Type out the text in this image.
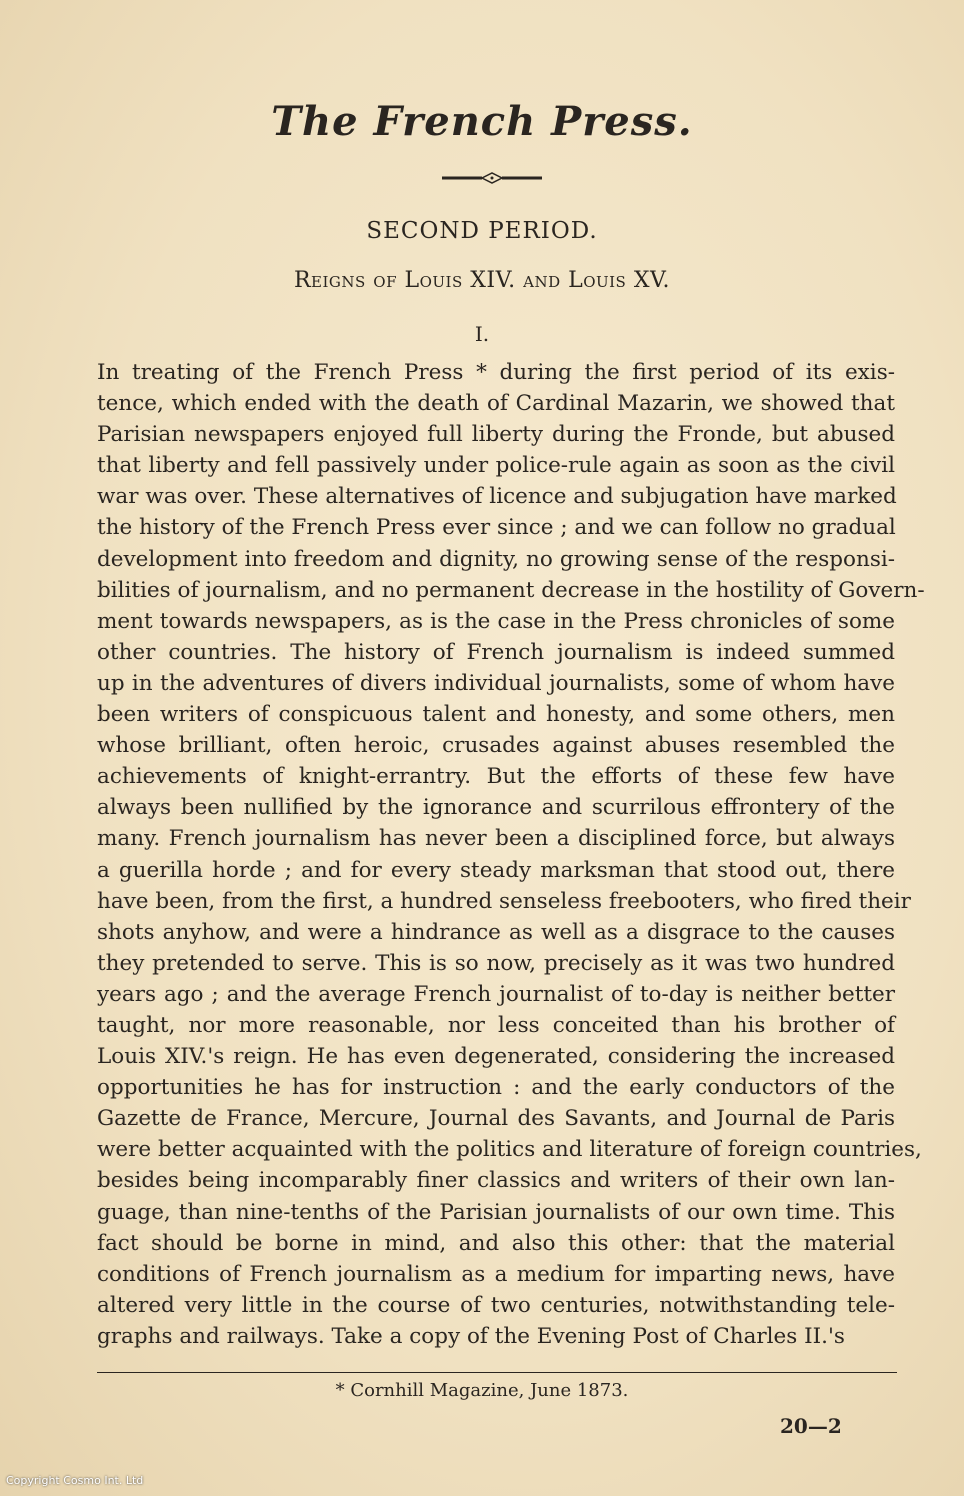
The French Press.
SECOND PERIOD.
Reigns of Louis XIV. and Louis XV.
I.
In treating of the French Press * during the first period of its exis-
tence, which ended with the death of Cardinal Mazarin, we showed that
Parisian newspapers enjoyed full liberty during the Fronde, but abused
that liberty and fell passively under police-rule again as soon as the civil
war was over. These alternatives of licence and subjugation have marked
the history of the French Press ever since ; and we can follow no gradual
development into freedom and dignity, no growing sense of the responsi-
bilities of journalism, and no permanent decrease in the hostility of Govern-
ment towards newspapers, as is the case in the Press chronicles of some
other countries. The history of French journalism is indeed summed
up in the adventures of divers individual journalists, some of whom have
been writers of conspicuous talent and honesty, and some others, men
whose brilliant, often heroic, crusades against abuses resembled the
achievements of knight-errantry. But the efforts of these few have
always been nullified by the ignorance and scurrilous effrontery of the
many. French journalism has never been a disciplined force, but always
a guerilla horde ; and for every steady marksman that stood out, there
have been, from the first, a hundred senseless freebooters, who fired their
shots anyhow, and were a hindrance as well as a disgrace to the causes
they pretended to serve. This is so now, precisely as it was two hundred
years ago ; and the average French journalist of to-day is neither better
taught, nor more reasonable, nor less conceited than his brother of
Louis XIV.'s reign. He has even degenerated, considering the increased
opportunities he has for instruction : and the early conductors of the
Gazette de France, Mercure, Journal des Savants, and Journal de Paris
were better acquainted with the politics and literature of foreign countries,
besides being incomparably finer classics and writers of their own lan-
guage, than nine-tenths of the Parisian journalists of our own time. This
fact should be borne in mind, and also this other: that the material
conditions of French journalism as a medium for imparting news, have
altered very little in the course of two centuries, notwithstanding tele-
graphs and railways. Take a copy of the Evening Post of Charles II.'s
* Cornhill Magazine, June 1873.
20—2
Copyright Cosmo Int. Ltd
